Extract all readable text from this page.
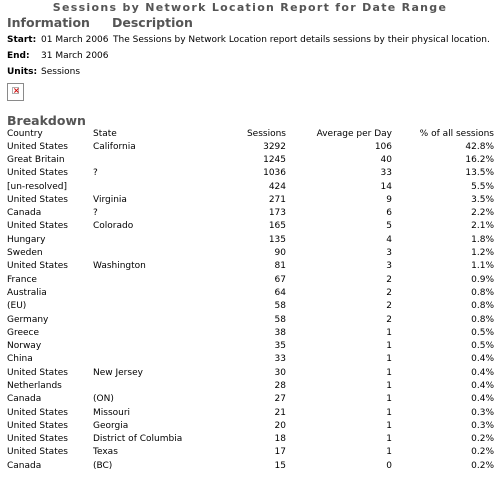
Sessions by Network Location Report for Date Range
Information Description
Start: 01 March 2006 The Sessions by Network Location report details sessions by their physical location.
End: 31 March 2006
Units: Sessions
×
Breakdown
Country	State	Sessions	Average per Day	% of all sessions
United States	California	3292	106	42.8%
Great Britain		1245	40	16.2%
United States	?	1036	33	13.5%
[un-resolved]		424	14	5.5%
United States	Virginia	271	9	3.5%
Canada	?	173	6	2.2%
United States	Colorado	165	5	2.1%
Hungary		135	4	1.8%
Sweden		90	3	1.2%
United States	Washington	81	3	1.1%
France		67	2	0.9%
Australia		64	2	0.8%
(EU)		58	2	0.8%
Germany		58	2	0.8%
Greece		38	1	0.5%
Norway		35	1	0.5%
China		33	1	0.4%
United States	New Jersey	30	1	0.4%
Netherlands		28	1	0.4%
Canada	(ON)	27	1	0.4%
United States	Missouri	21	1	0.3%
United States	Georgia	20	1	0.3%
United States	District of Columbia	18	1	0.2%
United States	Texas	17	1	0.2%
Canada	(BC)	15	0	0.2%
